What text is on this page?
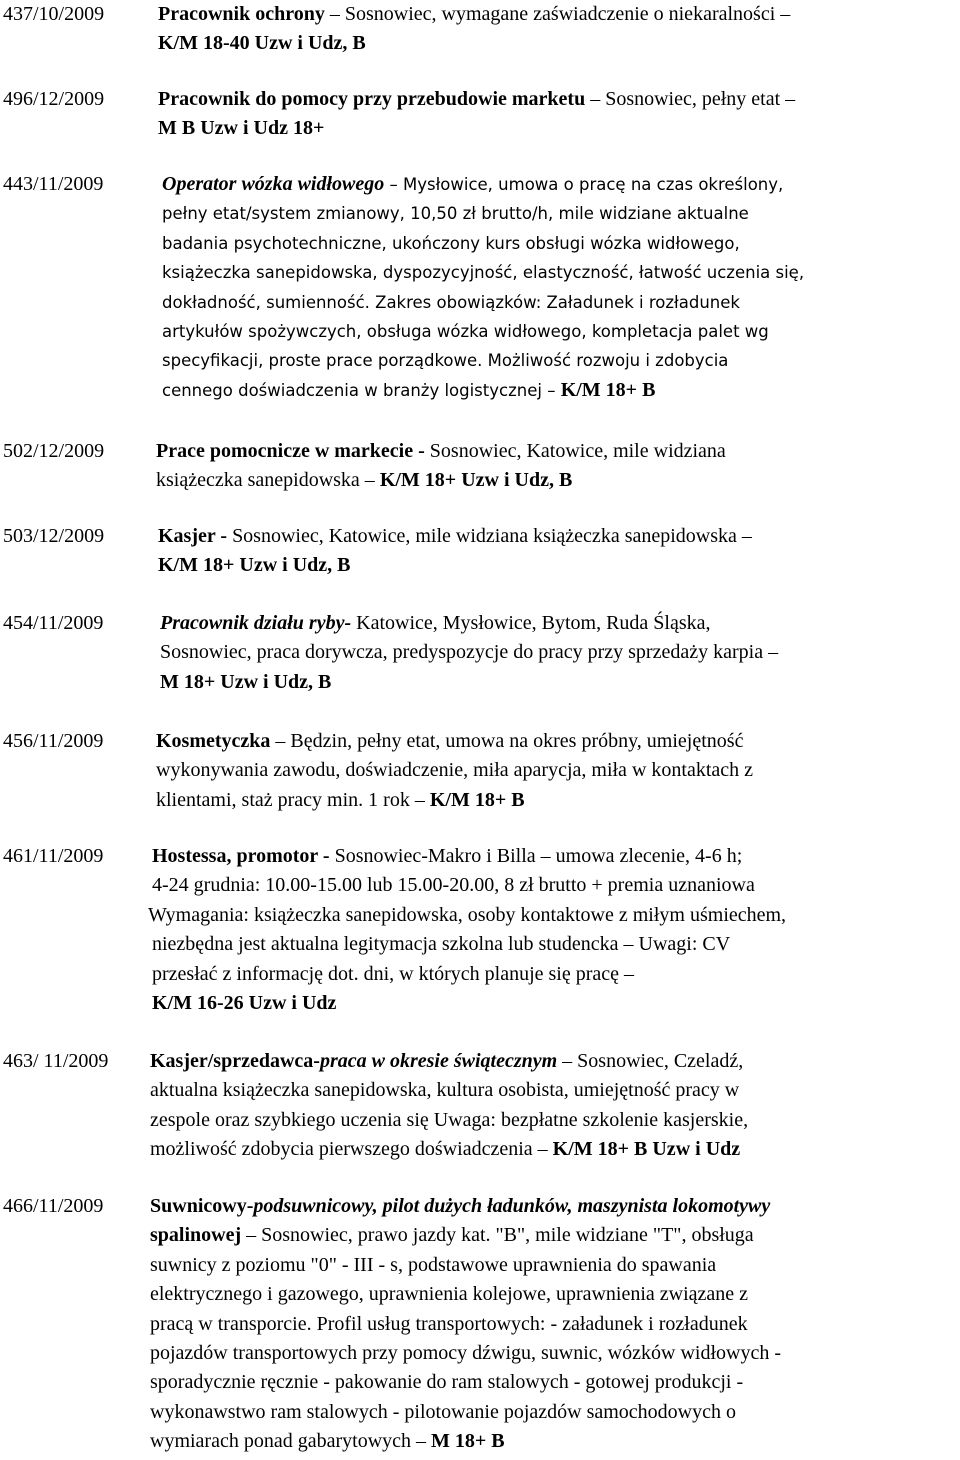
437/10/2009	Pracownik ochrony – Sosnowiec, wymagane zaświadczenie o niekaralności –
K/M 18-40 Uzw i Udz, B
496/12/2009	Pracownik do pomocy przy przebudowie marketu – Sosnowiec, pełny etat –
M B Uzw i Udz 18+
443/11/2009	Operator wózka widłowego – Mysłowice, umowa o pracę na czas określony,
pełny etat/system zmianowy, 10,50 zł brutto/h, mile widziane aktualne
badania psychotechniczne, ukończony kurs obsługi wózka widłowego,
książeczka sanepidowska, dyspozycyjność, elastyczność, łatwość uczenia się,
dokładność, sumienność. Zakres obowiązków: Załadunek i rozładunek
artykułów spożywczych, obsługa wózka widłowego, kompletacja palet wg
specyfikacji, proste prace porządkowe. Możliwość rozwoju i zdobycia
cennego doświadczenia w branży logistycznej – K/M 18+ B
502/12/2009	Prace pomocnicze w markecie - Sosnowiec, Katowice, mile widziana
książeczka sanepidowska – K/M 18+ Uzw i Udz, B
503/12/2009	Kasjer - Sosnowiec, Katowice, mile widziana książeczka sanepidowska –
K/M 18+ Uzw i Udz, B
454/11/2009	Pracownik działu ryby- Katowice, Mysłowice, Bytom, Ruda Śląska,
Sosnowiec, praca dorywcza, predyspozycje do pracy przy sprzedaży karpia –
M 18+ Uzw i Udz, B
456/11/2009	Kosmetyczka – Będzin, pełny etat, umowa na okres próbny, umiejętność
wykonywania zawodu, doświadczenie, miła aparycja, miła w kontaktach z
klientami, staż pracy min. 1 rok – K/M 18+ B
461/11/2009 Hostessa, promotor - Sosnowiec-Makro i Billa – umowa zlecenie, 4-6 h;
4-24 grudnia: 10.00-15.00 lub 15.00-20.00, 8 zł brutto + premia uznaniowa
Wymagania: książeczka sanepidowska, osoby kontaktowe z miłym uśmiechem,
niezbędna jest aktualna legitymacja szkolna lub studencka – Uwagi: CV
przesłać z informację dot. dni, w których planuje się pracę –
K/M 16-26 Uzw i Udz
463/ 11/2009 Kasjer/sprzedawca-praca w okresie świątecznym – Sosnowiec, Czeladź,
aktualna książeczka sanepidowska, kultura osobista, umiejętność pracy w
zespole oraz szybkiego uczenia się Uwaga: bezpłatne szkolenie kasjerskie,
możliwość zdobycia pierwszego doświadczenia – K/M 18+ B Uzw i Udz
466/11/2009 Suwnicowy-podsuwnicowy, pilot dużych ładunków, maszynista lokomotywy
spalinowej – Sosnowiec, prawo jazdy kat. "B", mile widziane "T", obsługa
suwnicy z poziomu "0" - III - s, podstawowe uprawnienia do spawania
elektrycznego i gazowego, uprawnienia kolejowe, uprawnienia związane z
pracą w transporcie. Profil usług transportowych: - załadunek i rozładunek
pojazdów transportowych przy pomocy dźwigu, suwnic, wózków widłowych -
sporadycznie ręcznie - pakowanie do ram stalowych - gotowej produkcji -
wykonawstwo ram stalowych - pilotowanie pojazdów samochodowych o
wymiarach ponad gabarytowych – M 18+ B
